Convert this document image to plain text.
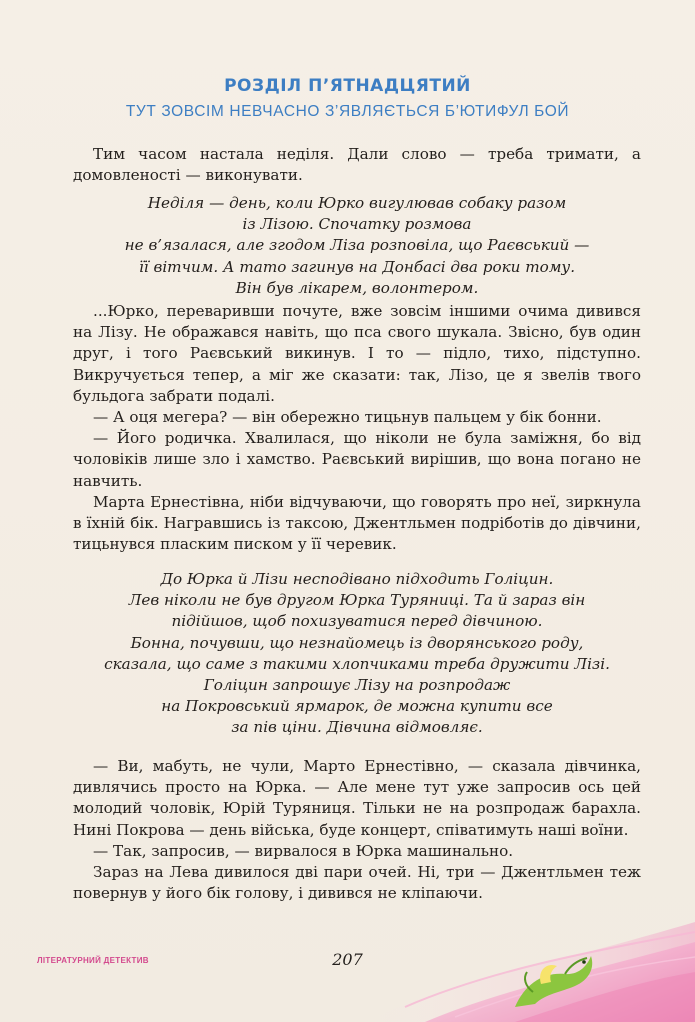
РОЗДІЛ П’ЯТНАДЦЯТИЙ
ТУТ ЗОВСІМ НЕВЧАСНО З’ЯВЛЯЄТЬСЯ Б’ЮТИФУЛ БОЙ

Тим часом настала неділя. Дали слово — треба тримати, а домовленості — виконувати.

Неділя — день, коли Юрко вигулював собаку разом
із Лізою. Спочатку розмова
не в’язалася, але згодом Ліза розповіла, що Раєвський —
її вітчим. А тато загинув на Донбасі два роки тому.
Він був лікарем, волонтером.

...Юрко, переваривши почуте, вже зовсім іншими очима дивився на Лізу. Не ображався навіть, що пса свого шукала. Звісно, був один друг, і того Раєвський викинув. І то — підло, тихо, підступно. Викручується тепер, а міг же сказати: так, Лізо, це я звелів твого бульдога забрати подалі.

— А оця мегера? — він обережно тицьнув пальцем у бік бонни.

— Його родичка. Хвалилася, що ніколи не була заміжня, бо від чоловіків лише зло і хамство. Раєвський вирішив, що вона погано не навчить.

Марта Ернестівна, ніби відчуваючи, що говорять про неї, зиркнула в їхній бік. Награвшись із таксою, Джентльмен подріботів до дівчини, тицьнувся пласким писком у її черевик.

До Юрка й Лізи несподівано підходить Голіцин.
Лев ніколи не був другом Юрка Туряниці. Та й зараз він
підійшов, щоб похизуватися перед дівчиною.
Бонна, почувши, що незнайомець із дворянського роду,
сказала, що саме з такими хлопчиками треба дружити Лізі.
Голіцин запрошує Лізу на розпродаж
на Покровський ярмарок, де можна купити все
за пів ціни. Дівчина відмовляє.

— Ви, мабуть, не чули, Марто Ернестівно, — сказала дівчинка, дивлячись просто на Юрка. — Але мене тут уже запросив ось цей молодий чоловік, Юрій Туряниця. Тільки не на розпродаж барахла. Нині Покрова — день війська, буде концерт, співатимуть наші воїни.

— Так, запросив, — вирвалося в Юрка машинально.

Зараз на Лева дивилося дві пари очей. Ні, три — Джентльмен теж повернув у його бік голову, і дивився не кліпаючи.

ЛІТЕРАТУРНИЙ ДЕТЕКТИВ	207
